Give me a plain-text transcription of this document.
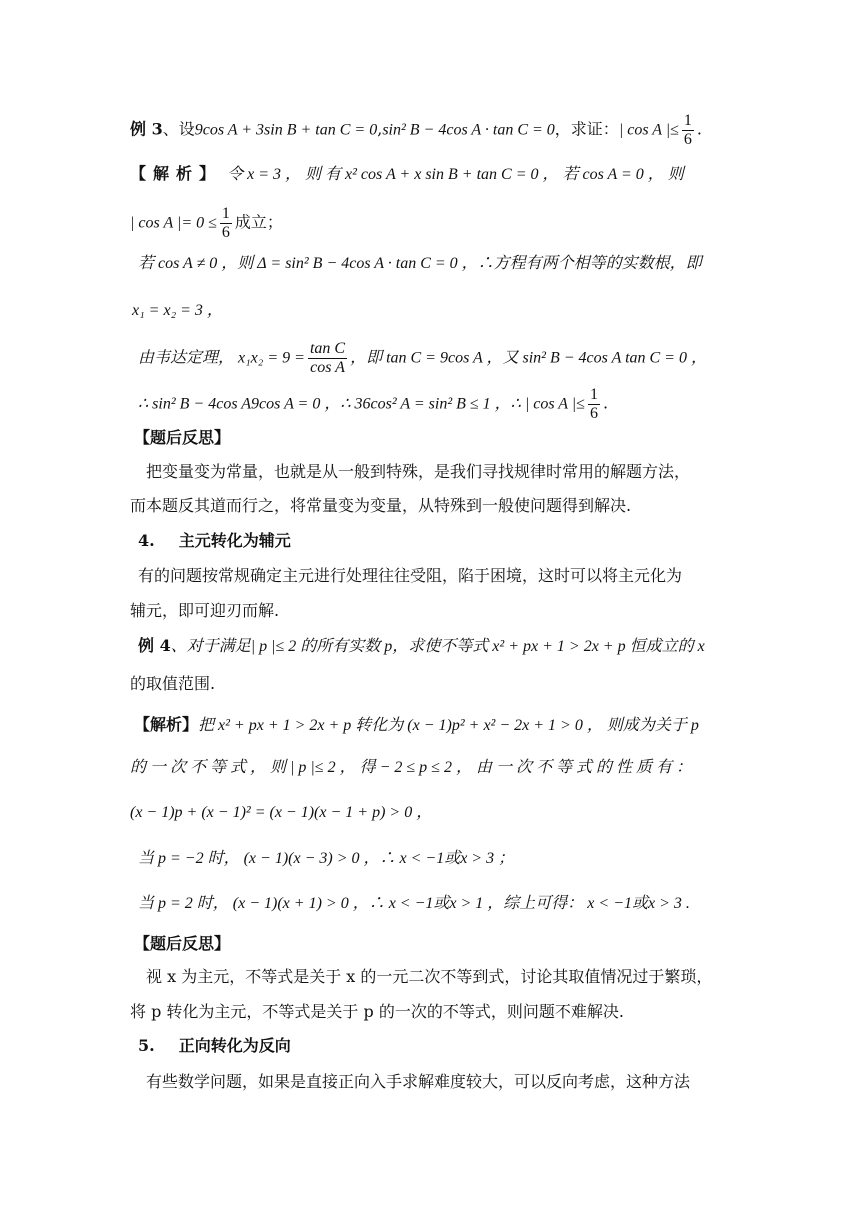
例 3、设9cos A + 3sin B + tan C = 0,sin² B − 4cos A · tan C = 0，求证：| cos A |≤ $\frac{1}{6}$ .
【解析】 令 x = 3 ， 则 有 x² cos A + x sin B + tan C = 0 ， 若 cos A = 0 ， 则
| cos A |= $0 \le \frac{1}{6}$ 成立；
若 cos A ≠ 0 ，则 Δ = sin² B − 4cos A · tan C = 0 ，∴方程有两个相等的实数根，即
x₁ = x₂ = 3 ，
由韦达定理， $x_1x_2 = 9 = \frac{\text{tan C}}{\text{cos A}}$ ，即 tan C = 9cos A ，又 sin² B − 4cos A tan C = 0 ，
∴ sin² B − 4cos A9cos A = 0 ，∴ 36cos² A = sin² B ≤ 1 ，∴ | cos A |≤ $\frac{1}{6}$ .
【题后反思】
把变量变为常量，也就是从一般到特殊，是我们寻找规律时常用的解题方法，
而本题反其道而行之，将常量变为变量，从特殊到一般使问题得到解决.
4. 主元转化为辅元
有的问题按常规确定主元进行处理往往受阻，陷于困境，这时可以将主元化为
辅元，即可迎刃而解.
例 4、对于满足| p |≤ 2 的所有实数 p，求使不等式 x² + px + 1 > 2x + p 恒成立的 x
的取值范围.
【解析】把 x² + px + 1 > 2x + p 转化为 (x − 1)p² + x² − 2x + 1 > 0 ， 则成为关于 p
的 一 次 不 等 式 ， 则 | p |≤ 2 ， 得 − 2 ≤ p ≤ 2 ， 由 一 次 不 等 式 的 性 质 有 ：
(x − 1)p + (x − 1)² = (x − 1)(x − 1 + p) > 0 ，
当 p = −2 时， (x − 1)(x − 3) > 0 ，∴ x < −1或x > 3 ；
当 p = 2 时， (x − 1)(x + 1) > 0 ，∴ x < −1或x > 1 ，综上可得： x < −1或x > 3 .
【题后反思】
视 x 为主元，不等式是关于 x 的一元二次不等到式，讨论其取值情况过于繁琐，
将 p 转化为主元，不等式是关于 p 的一次的不等式，则问题不难解决.
5. 正向转化为反向
有些数学问题，如果是直接正向入手求解难度较大，可以反向考虑，这种方法
